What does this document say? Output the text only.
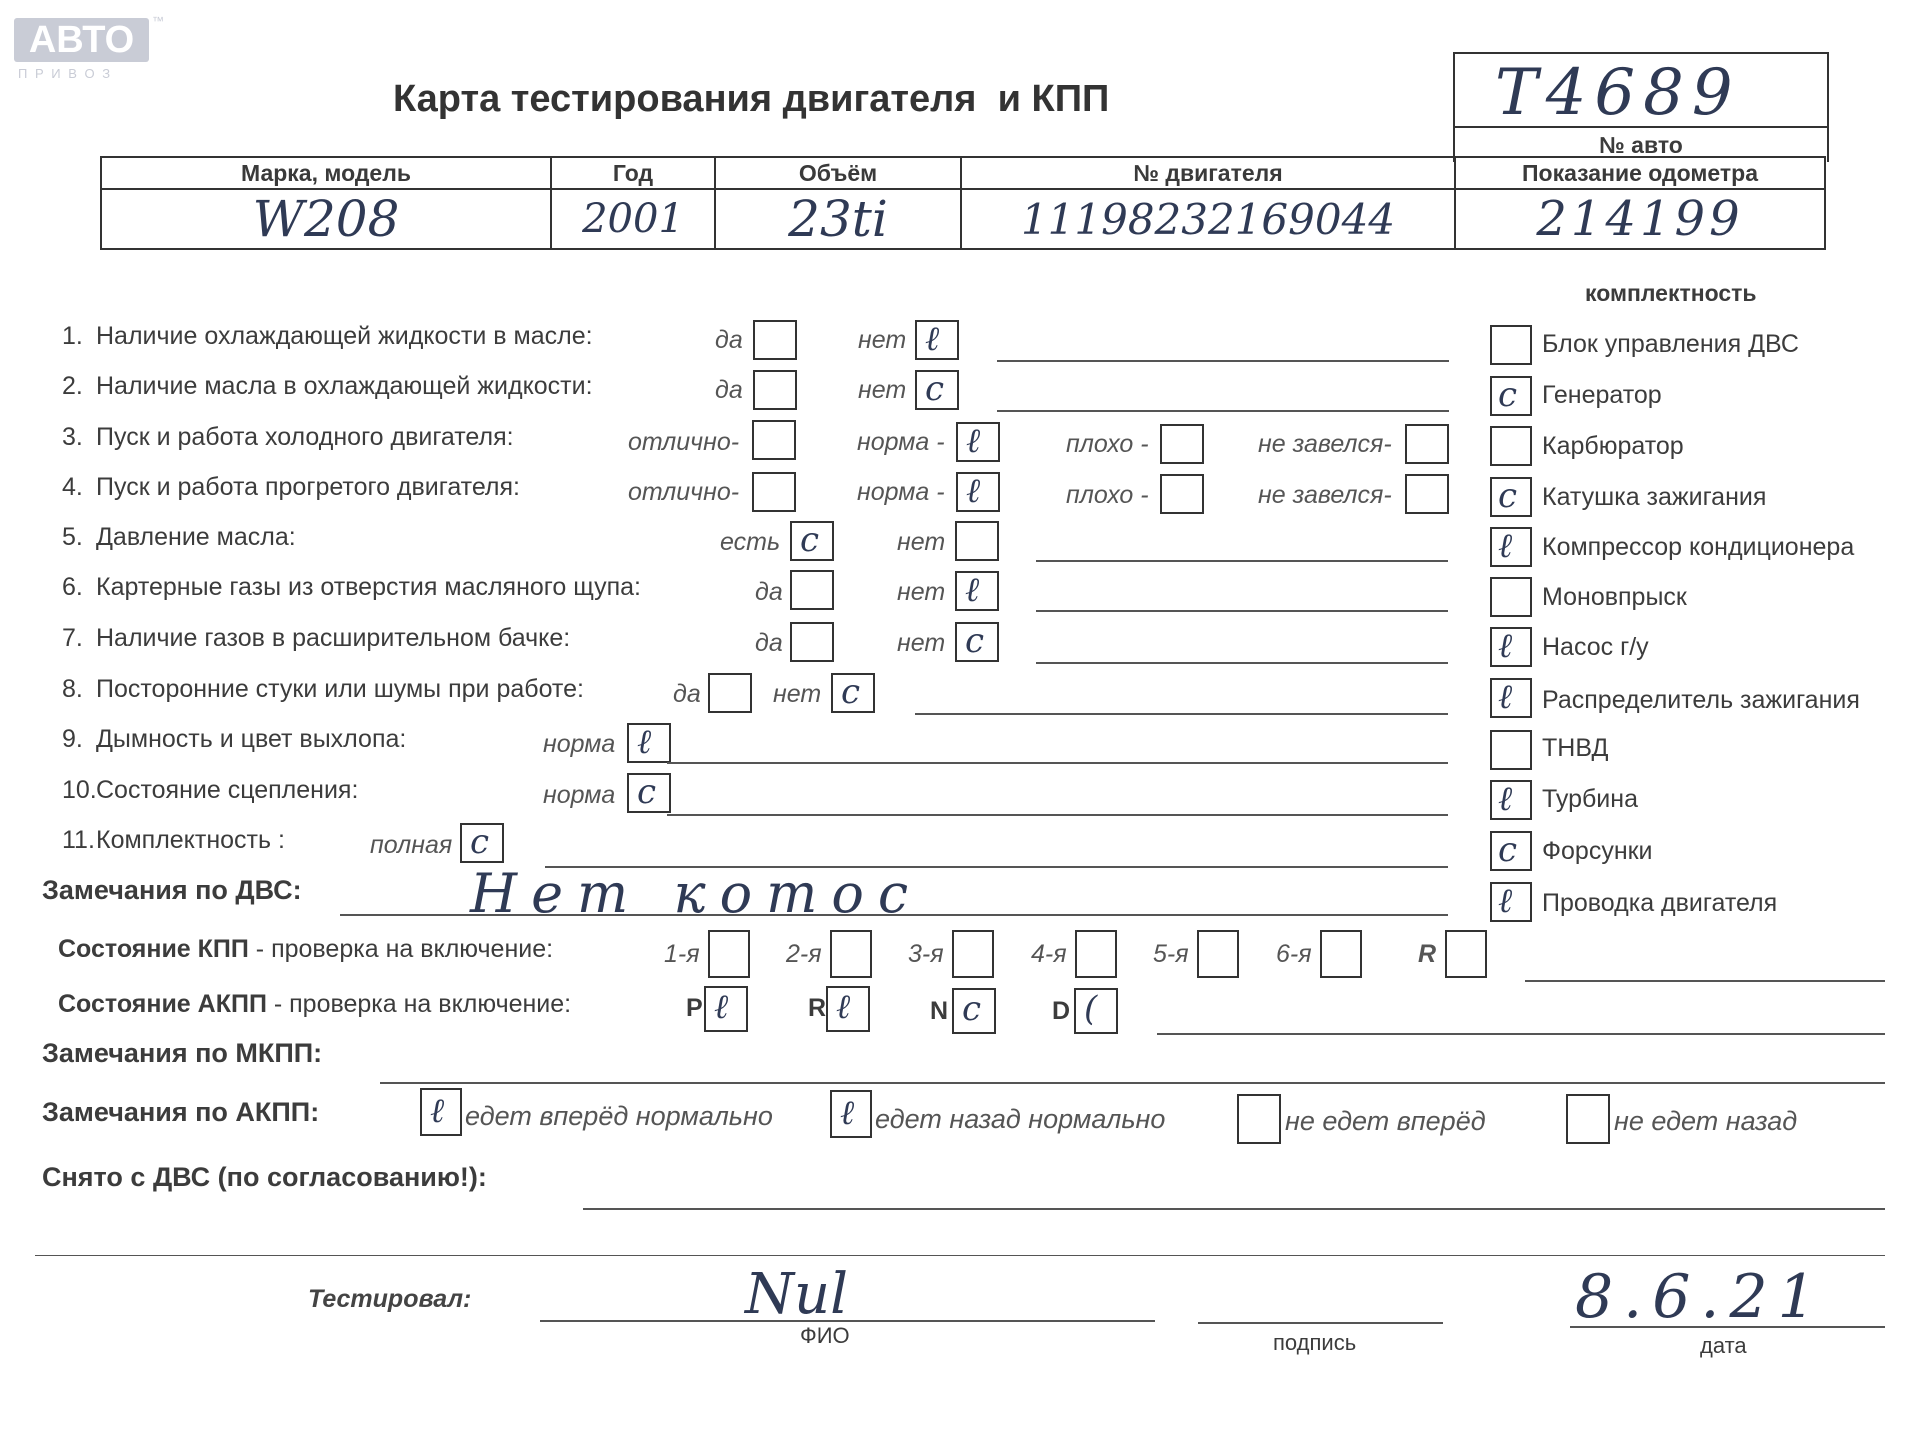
АВТО	™
П Р И В О З
Карта тестирования двигателя  и КПП	T4689
№ авто
Марка, модель	Год	Объём	№ двигателя	Показание одометра
W208	2001	23ti	11198232169044	214199
комплектность
Блок управления ДВС
c Генератор
Карбюратор
c Катушка зажигания
ℓ Компрессор кондиционера
Моновпрыск
ℓ Насос г/у
ℓ Распределитель зажигания
ТНВД
ℓ Турбина
c Форсунки
ℓ Проводка двигателя
1. Наличие охлаждающей жидкости в масле:	да	нет ℓ
2. Наличие масла в охлаждающей жидкости:	да	нет c
3. Пуск и работа холодного двигателя:	отлично-	норма - ℓ	плохо -	не завелся-
4. Пуск и работа прогретого двигателя:	отлично-	норма - ℓ	плохо -	не завелся-
5. Давление масла:	есть c	нет
6. Картерные газы из отверстия масляного щупа:	да	нет ℓ
7. Наличие газов в расширительном бачке:	да	нет c
8. Посторонние стуки или шумы при работе:	да	нет c
9. Дымность и цвет выхлопа:	норма ℓ
10.Состояние сцепления:	норма c
11.Комплектность :	полная c
Замечания по ДВС:	Нет котос
Состояние КПП - проверка на включение:	1-я	2-я	3-я	4-я	5-я	6-я	R
Состояние АКПП - проверка на включение:	P ℓ	R ℓ	N c	D (
Замечания по МКПП:
Замечания по АКПП:	ℓ едет вперёд нормально ℓ едет назад нормально	не едет вперёд	не едет назад
Снято с ДВС (по согласованию!):
Тестировал:	Nul
ФИО	подпись
8.6.21
дата
